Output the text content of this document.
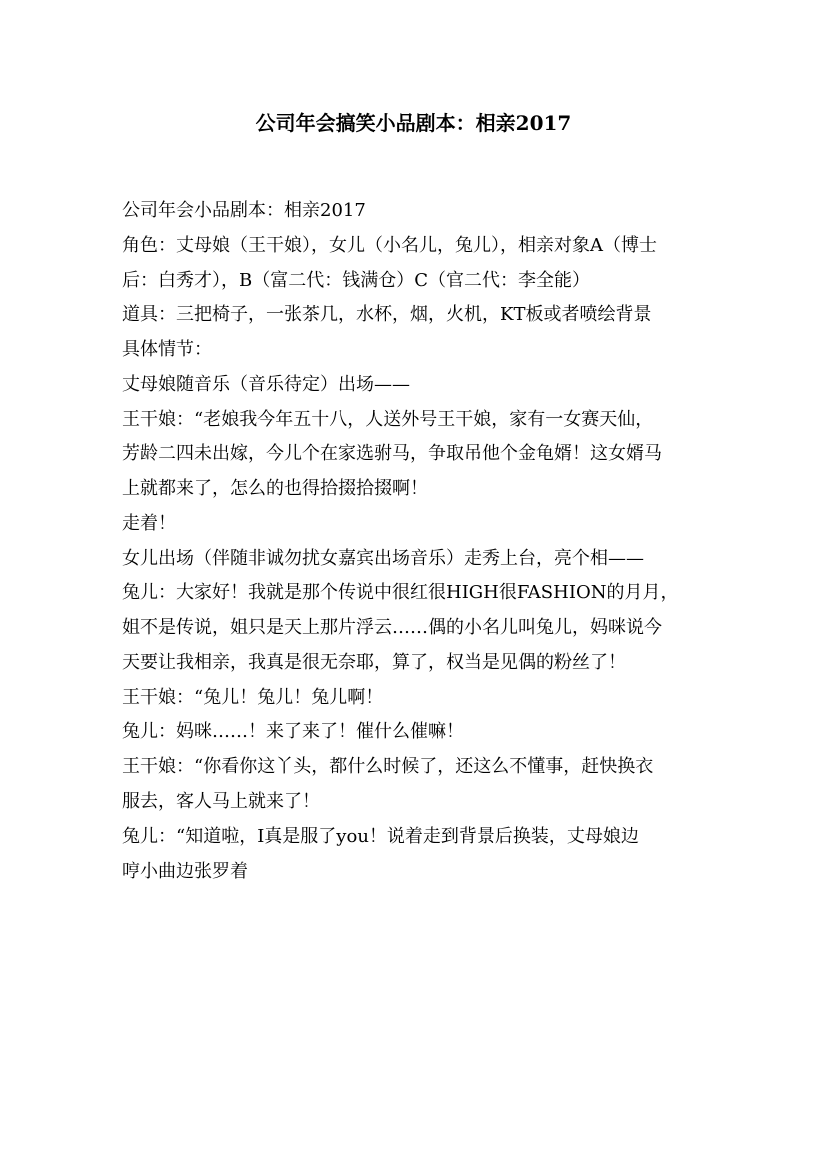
公司年会搞笑小品剧本：相亲2017
公司年会小品剧本：相亲2017
角色：丈母娘（王干娘），女儿（小名儿，兔儿），相亲对象A（博士
后：白秀才），B（富二代：钱满仓）C（官二代：李全能）
道具：三把椅子，一张茶几，水杯，烟，火机，KT板或者喷绘背景
具体情节：
丈母娘随音乐（音乐待定）出场——
王干娘：“老娘我今年五十八，人送外号王干娘，家有一女赛天仙，
芳龄二四未出嫁，今儿个在家选驸马，争取吊他个金龟婿！这女婿马
上就都来了，怎么的也得拾掇拾掇啊！
走着！
女儿出场（伴随非诚勿扰女嘉宾出场音乐）走秀上台，亮个相——
兔儿：大家好！我就是那个传说中很红很HIGH很FASHION的月月，
姐不是传说，姐只是天上那片浮云……偶的小名儿叫兔儿，妈咪说今
天要让我相亲，我真是很无奈耶，算了，权当是见偶的粉丝了！
王干娘：“兔儿！兔儿！兔儿啊！
兔儿：妈咪……！来了来了！催什么催嘛！
王干娘：“你看你这丫头，都什么时候了，还这么不懂事，赶快换衣
服去，客人马上就来了！
兔儿：“知道啦，I真是服了you！说着走到背景后换装，丈母娘边
哼小曲边张罗着
